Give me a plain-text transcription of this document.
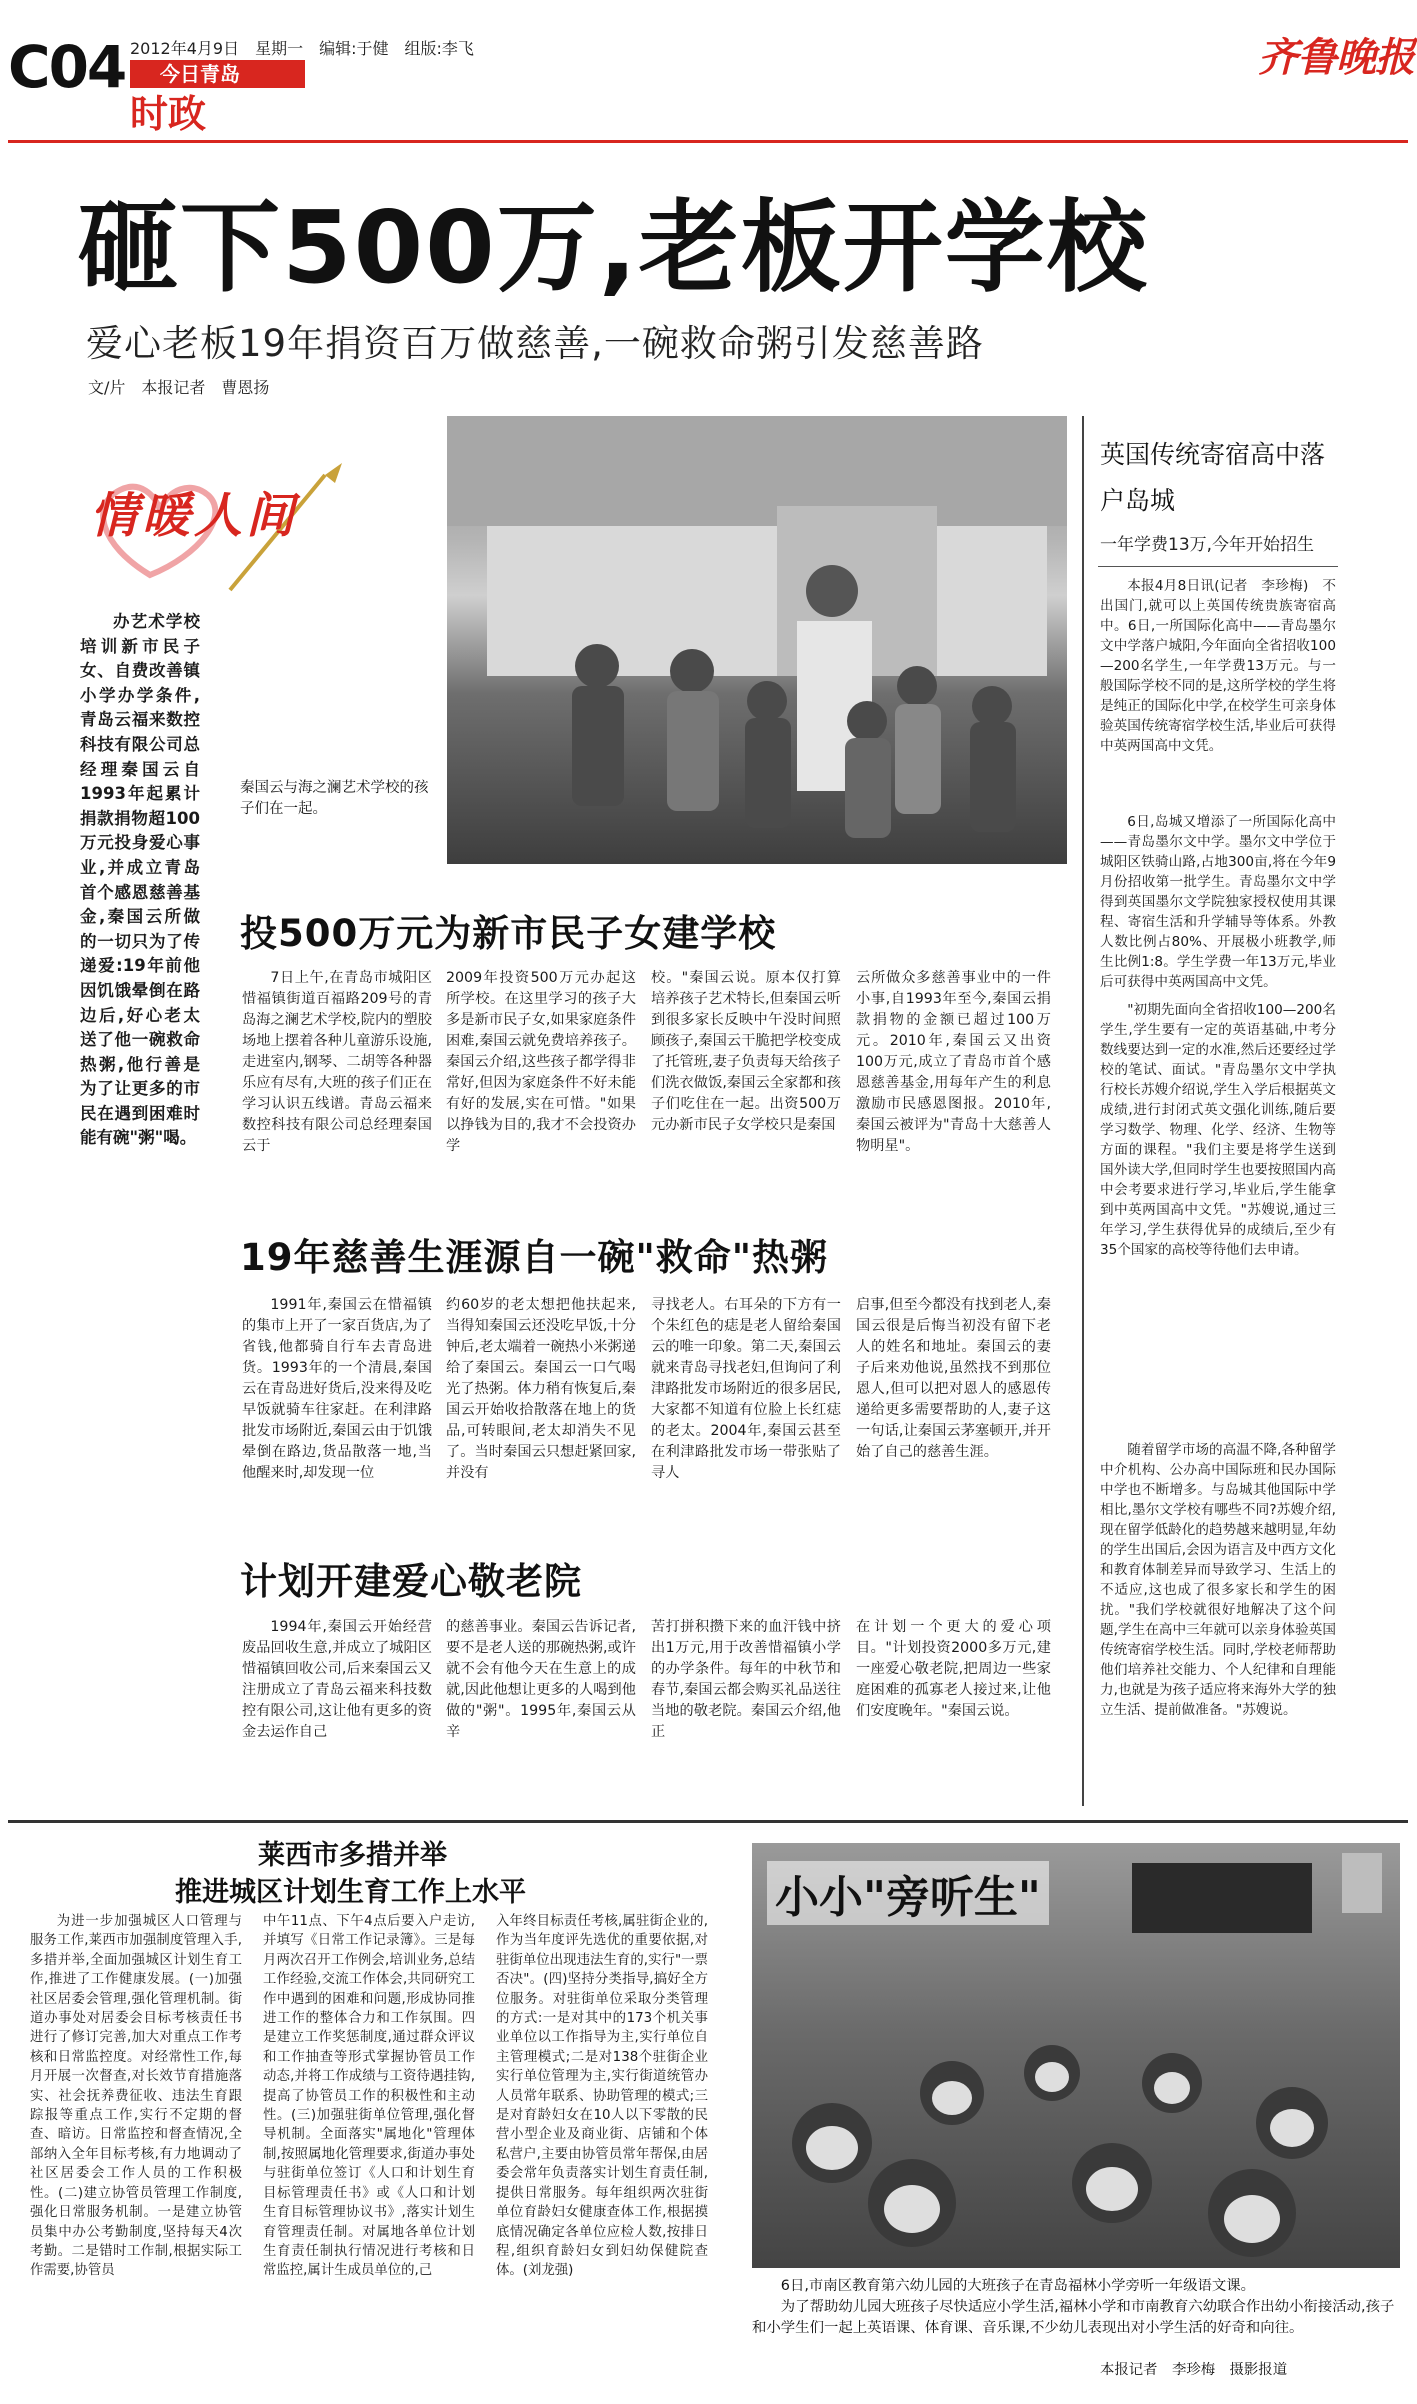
C04 2012年4月9日　星期一　编辑:于健　组版:李飞
今日青岛
时政
齐鲁晚报
砸下500万,老板开学校
爱心老板19年捐资百万做慈善,一碗救命粥引发慈善路
文/片　本报记者　曹恩扬
情暖人间
办艺术学校培训新市民子女、自费改善镇小学办学条件,青岛云福来数控科技有限公司总经理秦国云自1993年起累计捐款捐物超100万元投身爱心事业,并成立青岛首个感恩慈善基金,秦国云所做的一切只为了传递爱:19年前他因饥饿晕倒在路边后,好心老太送了他一碗救命热粥,他行善是为了让更多的市民在遇到困难时能有碗"粥"喝。
秦国云与海之澜艺术学校的孩子们在一起。
投500万元为新市民子女建学校
7日上午,在青岛市城阳区惜福镇街道百福路209号的青岛海之澜艺术学校,院内的塑胶场地上摆着各种儿童游乐设施,走进室内,钢琴、二胡等各种器乐应有尽有,大班的孩子们正在学习认识五线谱。青岛云福来数控科技有限公司总经理秦国云于
2009年投资500万元办起这所学校。在这里学习的孩子大多是新市民子女,如果家庭条件困难,秦国云就免费培养孩子。秦国云介绍,这些孩子都学得非常好,但因为家庭条件不好未能有好的发展,实在可惜。"如果以挣钱为目的,我才不会投资办学
校。"秦国云说。原本仅打算培养孩子艺术特长,但秦国云听到很多家长反映中午没时间照顾孩子,秦国云干脆把学校变成了托管班,妻子负责每天给孩子们洗衣做饭,秦国云全家都和孩子们吃住在一起。出资500万元办新市民子女学校只是秦国
云所做众多慈善事业中的一件小事,自1993年至今,秦国云捐款捐物的金额已超过100万元。2010年,秦国云又出资100万元,成立了青岛市首个感恩慈善基金,用每年产生的利息激励市民感恩图报。2010年,秦国云被评为"青岛十大慈善人物明星"。
19年慈善生涯源自一碗"救命"热粥
1991年,秦国云在惜福镇的集市上开了一家百货店,为了省钱,他都骑自行车去青岛进货。1993年的一个清晨,秦国云在青岛进好货后,没来得及吃早饭就骑车往家赶。在利津路批发市场附近,秦国云由于饥饿晕倒在路边,货品散落一地,当他醒来时,却发现一位
约60岁的老太想把他扶起来,当得知秦国云还没吃早饭,十分钟后,老太端着一碗热小米粥递给了秦国云。秦国云一口气喝光了热粥。体力稍有恢复后,秦国云开始收拾散落在地上的货品,可转眼间,老太却消失不见了。当时秦国云只想赶紧回家,并没有
寻找老人。右耳朵的下方有一个朱红色的痣是老人留给秦国云的唯一印象。第二天,秦国云就来青岛寻找老妇,但询问了利津路批发市场附近的很多居民,大家都不知道有位脸上长红痣的老太。2004年,秦国云甚至在利津路批发市场一带张贴了寻人
启事,但至今都没有找到老人,秦国云很是后悔当初没有留下老人的姓名和地址。秦国云的妻子后来劝他说,虽然找不到那位恩人,但可以把对恩人的感恩传递给更多需要帮助的人,妻子这一句话,让秦国云茅塞顿开,并开始了自己的慈善生涯。
计划开建爱心敬老院
1994年,秦国云开始经营废品回收生意,并成立了城阳区惜福镇回收公司,后来秦国云又注册成立了青岛云福来科技数控有限公司,这让他有更多的资金去运作自己
的慈善事业。秦国云告诉记者,要不是老人送的那碗热粥,或许就不会有他今天在生意上的成就,因此他想让更多的人喝到他做的"粥"。1995年,秦国云从辛
苦打拼积攒下来的血汗钱中挤出1万元,用于改善惜福镇小学的办学条件。每年的中秋节和春节,秦国云都会购买礼品送往当地的敬老院。秦国云介绍,他正
在计划一个更大的爱心项目。"计划投资2000多万元,建一座爱心敬老院,把周边一些家庭困难的孤寡老人接过来,让他们安度晚年。"秦国云说。
英国传统寄宿高中落户岛城
一年学费13万,今年开始招生
本报4月8日讯(记者　李珍梅)　不出国门,就可以上英国传统贵族寄宿高中。6日,一所国际化高中——青岛墨尔文中学落户城阳,今年面向全省招收100—200名学生,一年学费13万元。与一般国际学校不同的是,这所学校的学生将是纯正的国际化中学,在校学生可亲身体验英国传统寄宿学校生活,毕业后可获得中英两国高中文凭。
6日,岛城又增添了一所国际化高中——青岛墨尔文中学。墨尔文中学位于城阳区铁骑山路,占地300亩,将在今年9月份招收第一批学生。青岛墨尔文中学得到英国墨尔文学院独家授权使用其课程、寄宿生活和升学辅导等体系。外教人数比例占80%、开展极小班教学,师生比例1:8。学生学费一年13万元,毕业后可获得中英两国高中文凭。
"初期先面向全省招收100—200名学生,学生要有一定的英语基础,中考分数线要达到一定的水准,然后还要经过学校的笔试、面试。"青岛墨尔文中学执行校长苏嫂介绍说,学生入学后根据英文成绩,进行封闭式英文强化训练,随后要学习数学、物理、化学、经济、生物等方面的课程。"我们主要是将学生送到国外读大学,但同时学生也要按照国内高中会考要求进行学习,毕业后,学生能拿到中英两国高中文凭。"苏嫂说,通过三年学习,学生获得优异的成绩后,至少有35个国家的高校等待他们去申请。
随着留学市场的高温不降,各种留学中介机构、公办高中国际班和民办国际中学也不断增多。与岛城其他国际中学相比,墨尔文学校有哪些不同?苏嫂介绍,现在留学低龄化的趋势越来越明显,年幼的学生出国后,会因为语言及中西方文化和教育体制差异而导致学习、生活上的不适应,这也成了很多家长和学生的困扰。"我们学校就很好地解决了这个问题,学生在高中三年就可以亲身体验英国传统寄宿学校生活。同时,学校老师帮助他们培养社交能力、个人纪律和自理能力,也就是为孩子适应将来海外大学的独立生活、提前做准备。"苏嫂说。
莱西市多措并举
推进城区计划生育工作上水平
为进一步加强城区人口管理与服务工作,莱西市加强制度管理入手,多措并举,全面加强城区计划生育工作,推进了工作健康发展。(一)加强社区居委会管理,强化管理机制。街道办事处对居委会目标考核责任书进行了修订完善,加大对重点工作考核和日常监控度。对经常性工作,每月开展一次督查,对长效节育措施落实、社会抚养费征收、违法生育跟踪报等重点工作,实行不定期的督查、暗访。日常监控和督查情况,全部纳入全年目标考核,有力地调动了社区居委会工作人员的工作积极性。(二)建立协管员管理工作制度,强化日常服务机制。一是建立协管员集中办公考勤制度,坚持每天4次考勤。二是错时工作制,根据实际工作需要,协管员
中午11点、下午4点后要入户走访,并填写《日常工作记录簿》。三是每月两次召开工作例会,培训业务,总结工作经验,交流工作体会,共同研究工作中遇到的困难和问题,形成协同推进工作的整体合力和工作氛围。四是建立工作奖惩制度,通过群众评议和工作抽查等形式掌握协管员工作动态,并将工作成绩与工资待遇挂钩,提高了协管员工作的积极性和主动性。(三)加强驻街单位管理,强化督导机制。全面落实"属地化"管理体制,按照属地化管理要求,街道办事处与驻街单位签订《人口和计划生育目标管理责任书》或《人口和计划生育目标管理协议书》,落实计划生育管理责任制。对属地各单位计划生育责任制执行情况进行考核和日常监控,属计生成员单位的,己
入年终目标责任考核,属驻街企业的,作为当年度评先选优的重要依据,对驻街单位出现违法生育的,实行"一票否决"。(四)坚持分类指导,搞好全方位服务。对驻街单位采取分类管理的方式:一是对其中的173个机关事业单位以工作指导为主,实行单位自主管理模式;二是对138个驻街企业实行单位管理为主,实行街道统管办人员常年联系、协助管理的模式;三是对育龄妇女在10人以下零散的民营小型企业及商业街、店铺和个体私营户,主要由协管员常年帮保,由居委会常年负责落实计划生育责任制,提供日常服务。每年组织两次驻街单位育龄妇女健康查体工作,根据摸底情况确定各单位应检人数,按排日程,组织育龄妇女到妇幼保健院查体。(刘龙强)
小小"旁听生"
6日,市南区教育第六幼儿园的大班孩子在青岛福林小学旁听一年级语文课。
为了帮助幼儿园大班孩子尽快适应小学生活,福林小学和市南教育六幼联合作出幼小衔接活动,孩子和小学生们一起上英语课、体育课、音乐课,不少幼儿表现出对小学生活的好奇和向往。
本报记者　李珍梅　摄影报道
